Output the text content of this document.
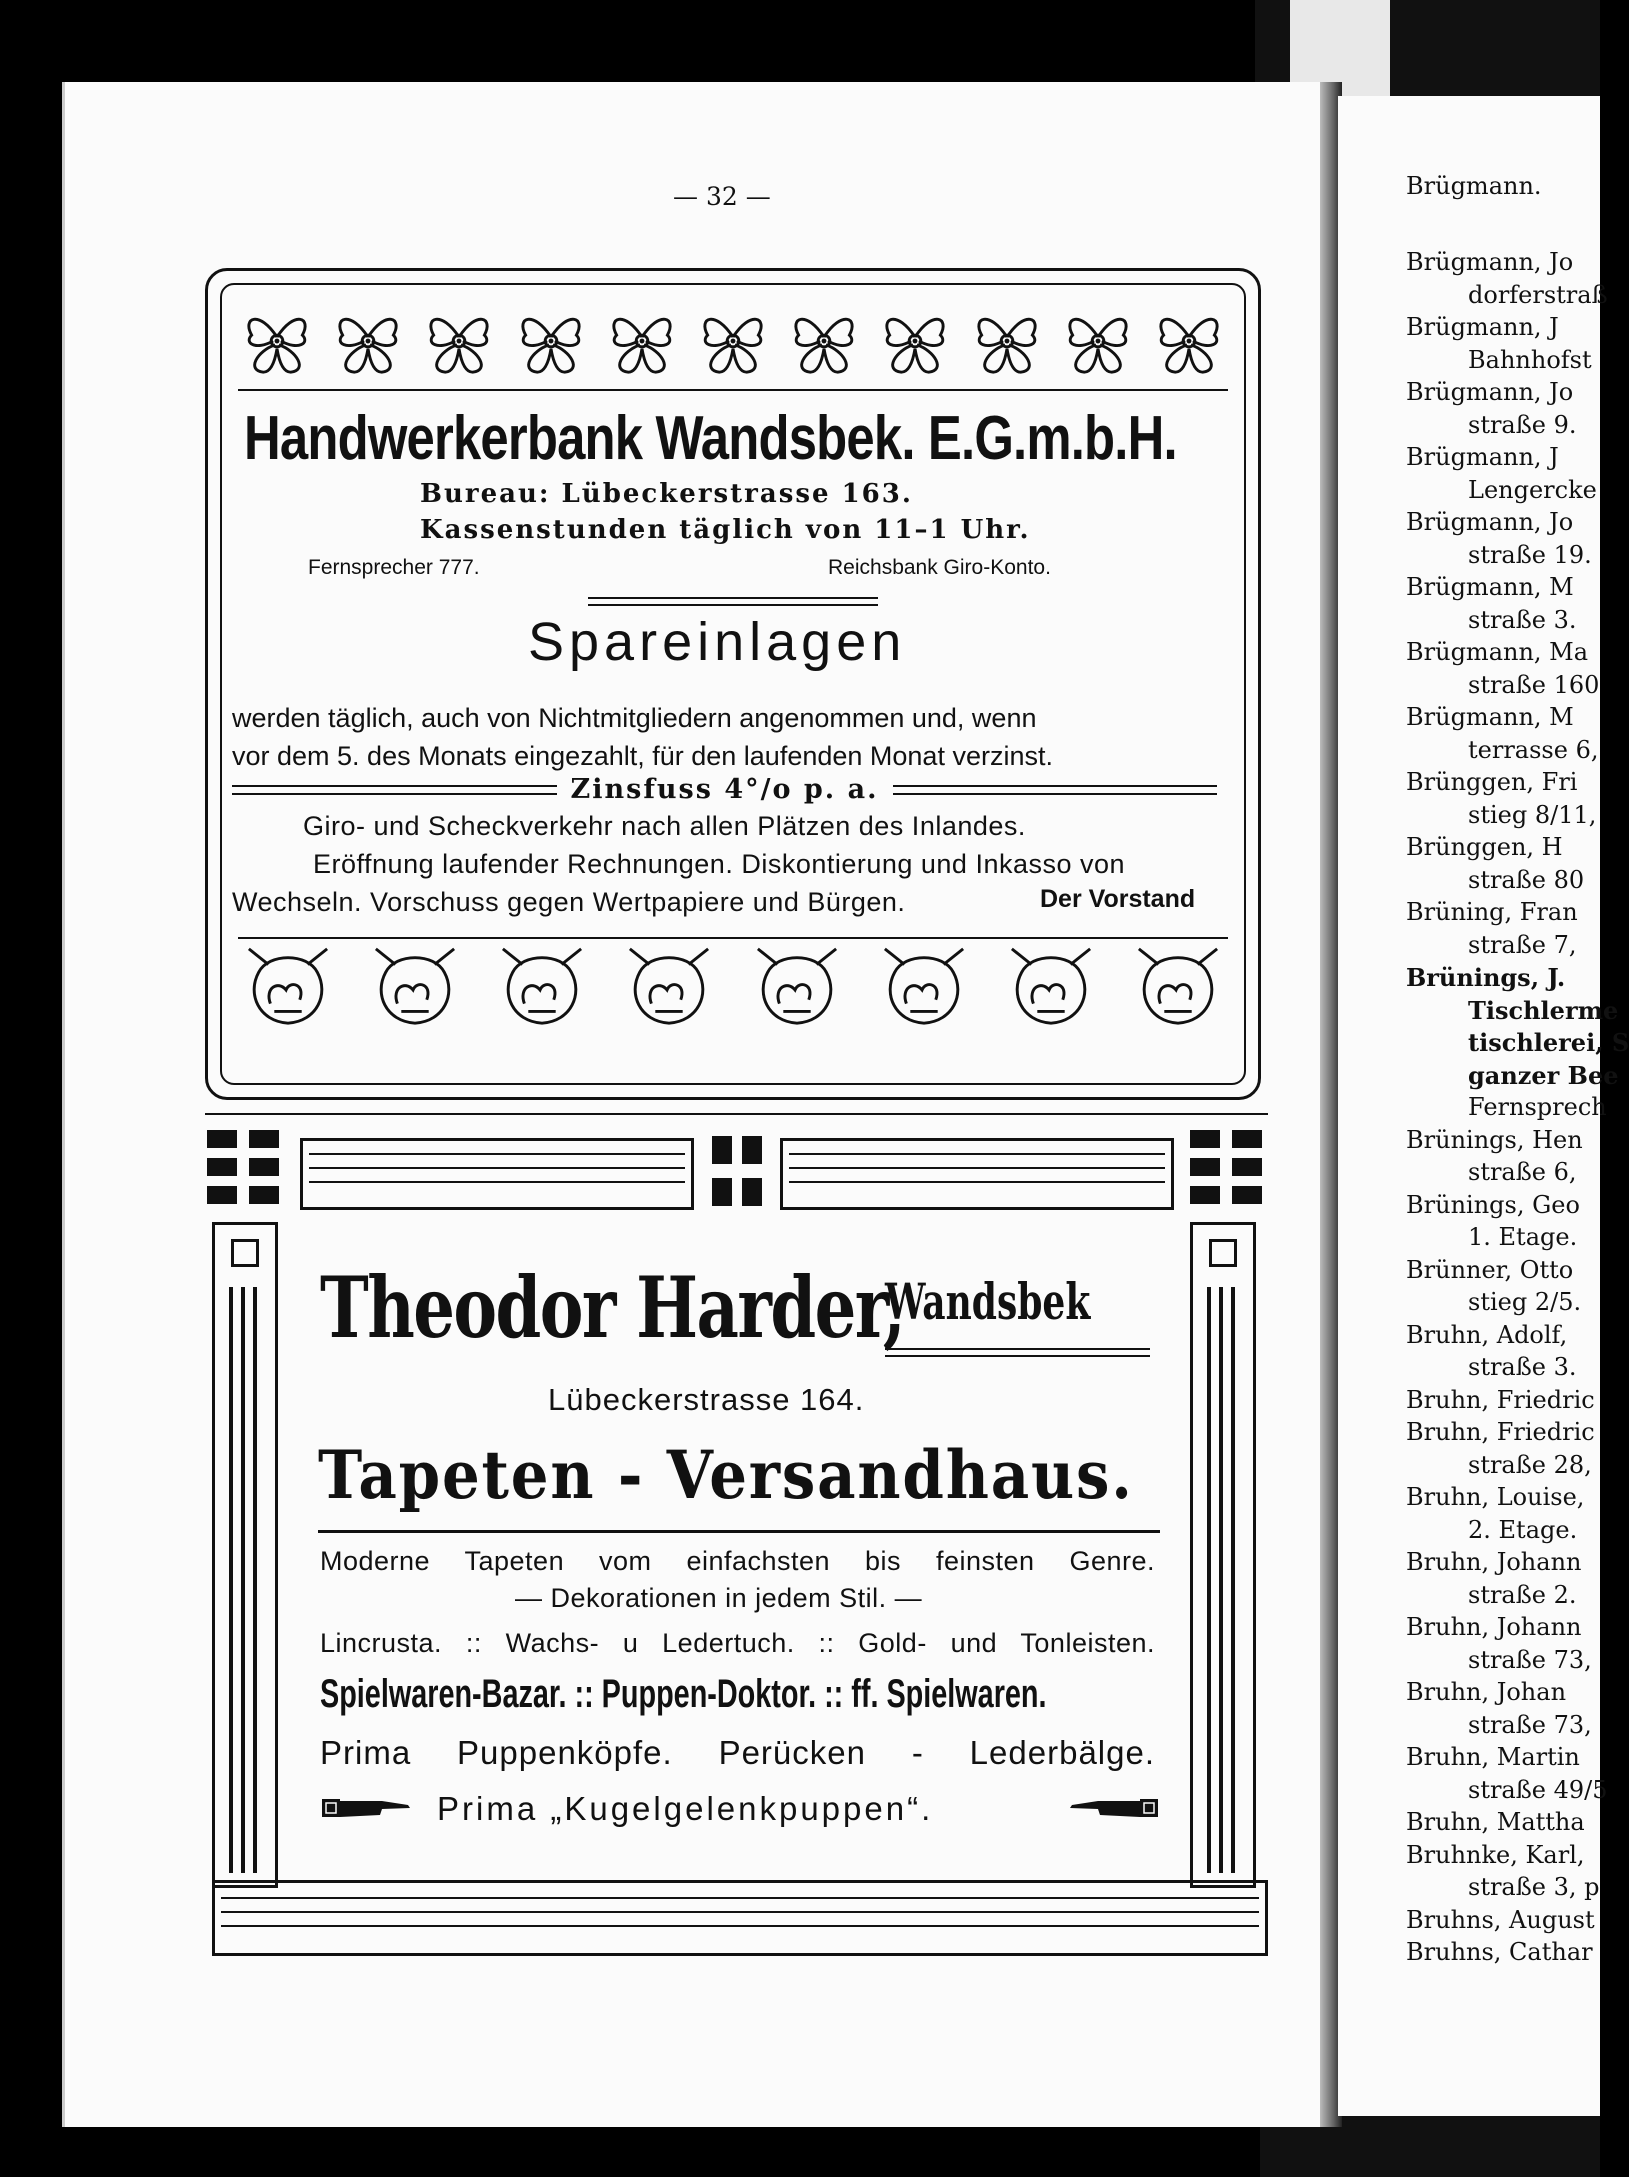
— 32 —
Handwerkerbank Wandsbek. E.G.m.b.H.
Bureau: Lübeckerstrasse 163.
Kassenstunden täglich von 11–1 Uhr.
Fernsprecher 777.	Reichsbank Giro-Konto.
Spareinlagen
werden täglich, auch von Nichtmitgliedern angenommen und, wenn
vor dem 5. des Monats eingezahlt, für den laufenden Monat verzinst.
Zinsfuss 4°/o p. a.
Giro- und Scheckverkehr nach allen Plätzen des Inlandes.
Eröffnung laufender Rechnungen. Diskontierung und Inkasso von
Wechseln. Vorschuss gegen Wertpapiere und Bürgen.	Der Vorstand
Theodor Harder,
Wandsbek
Lübeckerstrasse 164.
Tapeten - Versandhaus.
Moderne Tapeten vom einfachsten bis feinsten Genre.
— Dekorationen in jedem Stil. —
Lincrusta. :: Wachs- u Ledertuch. :: Gold- und Tonleisten.
Spielwaren-Bazar. :: Puppen-Doktor. :: ff. Spielwaren.
Prima Puppenköpfe. Perücken - Lederbälge.
Prima „Kugelgelenkpuppen“.
Brügmann.
Brügmann, Jo
dorferstraß
Brügmann, J
Bahnhofst
Brügmann, Jo
straße 9.
Brügmann, J
Lengercke
Brügmann, Jo
straße 19.
Brügmann, M
straße 3.
Brügmann, Ma
straße 160
Brügmann, M
terrasse 6,
Brünggen, Fri
stieg 8/11,
Brünggen, H
straße 80
Brüning, Fran
straße 7,
Brünings, J.
Tischlerme
tischlerei, S
ganzer Bee
Fernsprech
Brünings, Hen
straße 6,
Brünings, Geo
1. Etage.
Brünner, Otto
stieg 2/5.
Bruhn, Adolf,
straße 3.
Bruhn, Friedric
Bruhn, Friedric
straße 28,
Bruhn, Louise,
2. Etage.
Bruhn, Johann
straße 2.
Bruhn, Johann
straße 73,
Bruhn, Johan
straße 73,
Bruhn, Martin
straße 49/5
Bruhn, Mattha
Bruhnke, Karl,
straße 3, p
Bruhns, August
Bruhns, Cathar
